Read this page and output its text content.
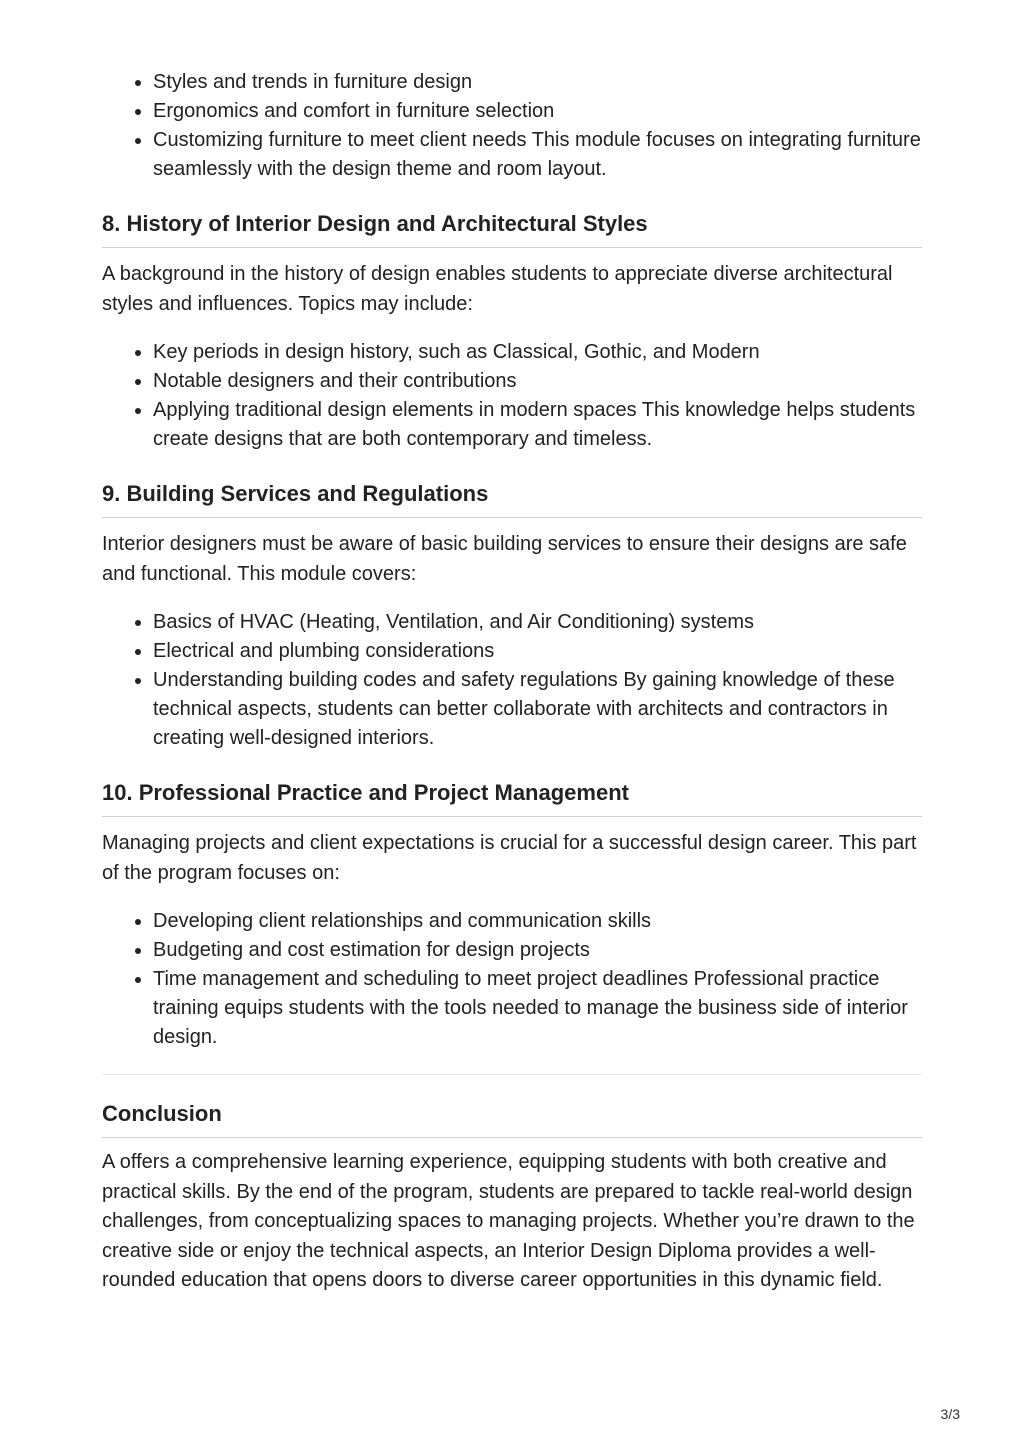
• Styles and trends in furniture design
• Ergonomics and comfort in furniture selection
• Customizing furniture to meet client needs This module focuses on integrating furniture seamlessly with the design theme and room layout.
8. History of Interior Design and Architectural Styles

A background in the history of design enables students to appreciate diverse architectural styles and influences. Topics may include:

• Key periods in design history, such as Classical, Gothic, and Modern
• Notable designers and their contributions
• Applying traditional design elements in modern spaces This knowledge helps students create designs that are both contemporary and timeless.
9. Building Services and Regulations

Interior designers must be aware of basic building services to ensure their designs are safe and functional. This module covers:

• Basics of HVAC (Heating, Ventilation, and Air Conditioning) systems
• Electrical and plumbing considerations
• Understanding building codes and safety regulations By gaining knowledge of these technical aspects, students can better collaborate with architects and contractors in creating well-designed interiors.
10. Professional Practice and Project Management

Managing projects and client expectations is crucial for a successful design career. This part of the program focuses on:

• Developing client relationships and communication skills
• Budgeting and cost estimation for design projects
• Time management and scheduling to meet project deadlines Professional practice training equips students with the tools needed to manage the business side of interior design.
Conclusion

A offers a comprehensive learning experience, equipping students with both creative and practical skills. By the end of the program, students are prepared to tackle real-world design challenges, from conceptualizing spaces to managing projects. Whether you’re drawn to the creative side or enjoy the technical aspects, an Interior Design Diploma provides a well-rounded education that opens doors to diverse career opportunities in this dynamic field.

3/3
